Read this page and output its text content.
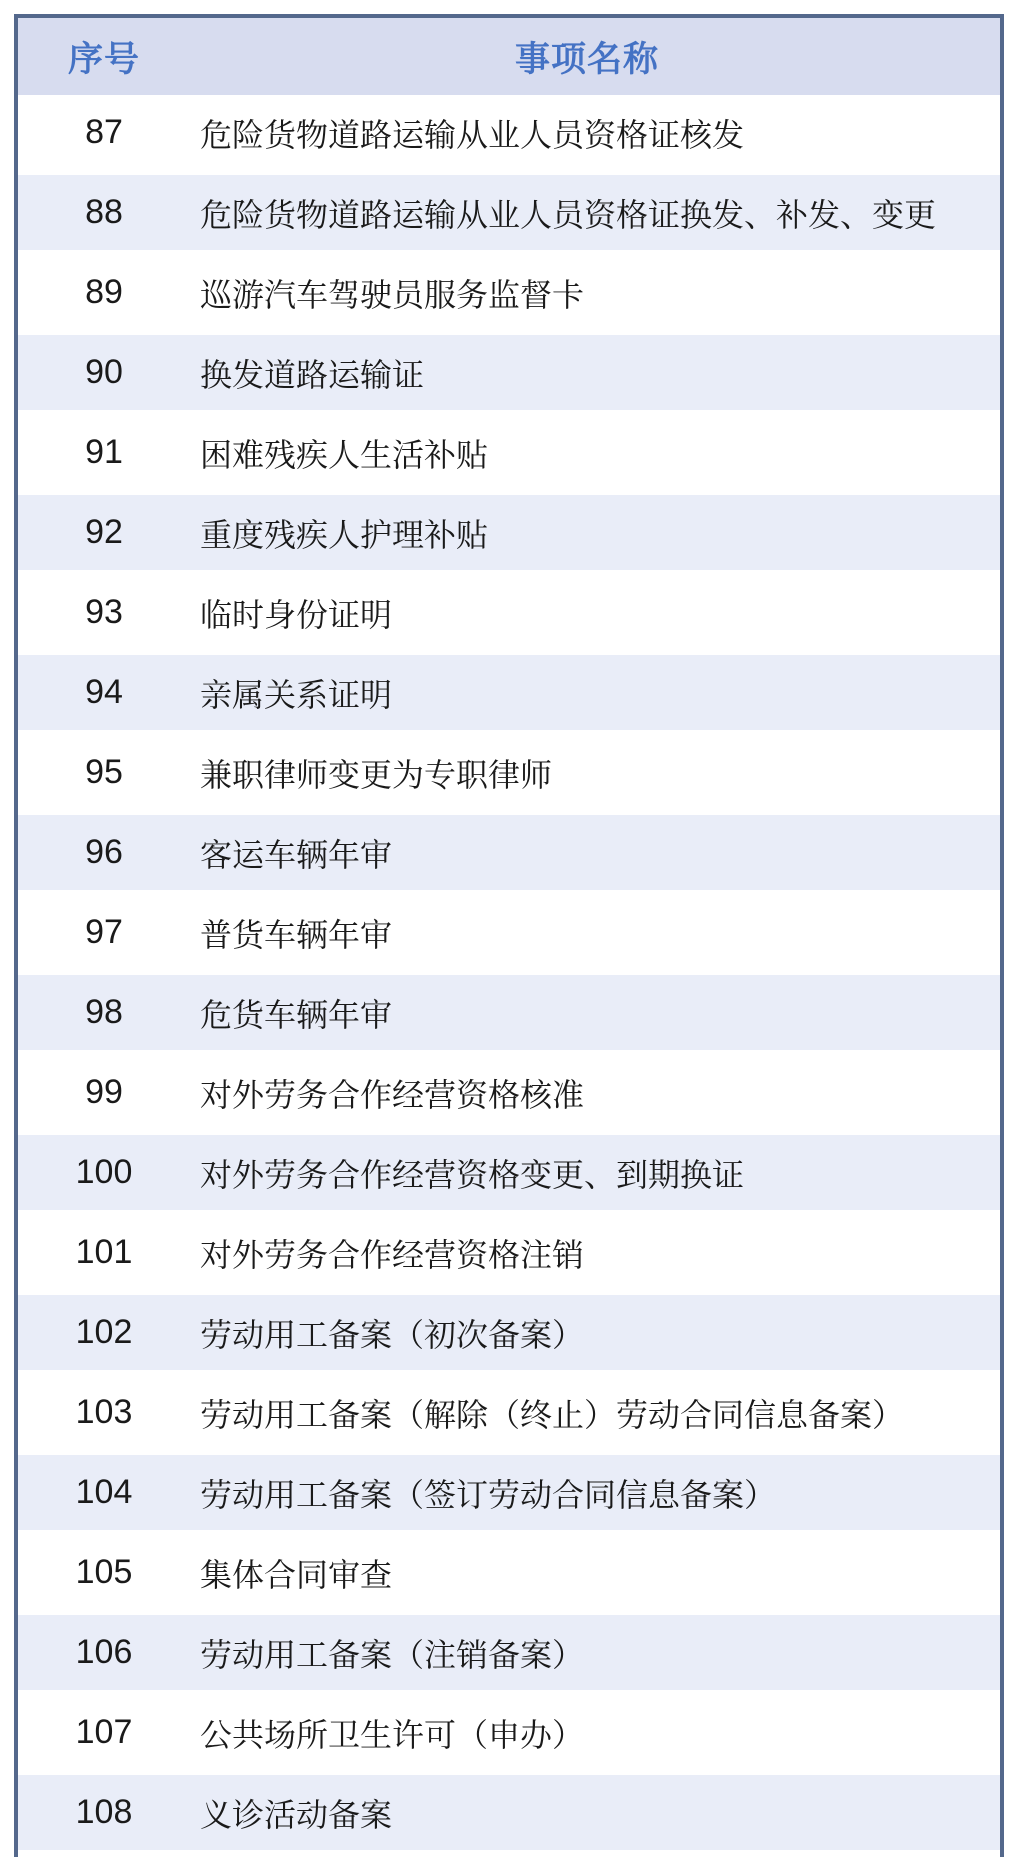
序号	事项名称
87	危险货物道路运输从业人员资格证核发
88	危险货物道路运输从业人员资格证换发、补发、变更
89	巡游汽车驾驶员服务监督卡
90	换发道路运输证
91	困难残疾人生活补贴
92	重度残疾人护理补贴
93	临时身份证明
94	亲属关系证明
95	兼职律师变更为专职律师
96	客运车辆年审
97	普货车辆年审
98	危货车辆年审
99	对外劳务合作经营资格核准
100	对外劳务合作经营资格变更、到期换证
101	对外劳务合作经营资格注销
102	劳动用工备案（初次备案）
103	劳动用工备案（解除（终止）劳动合同信息备案）
104	劳动用工备案（签订劳动合同信息备案）
105	集体合同审查
106	劳动用工备案（注销备案）
107	公共场所卫生许可（申办）
108	义诊活动备案
